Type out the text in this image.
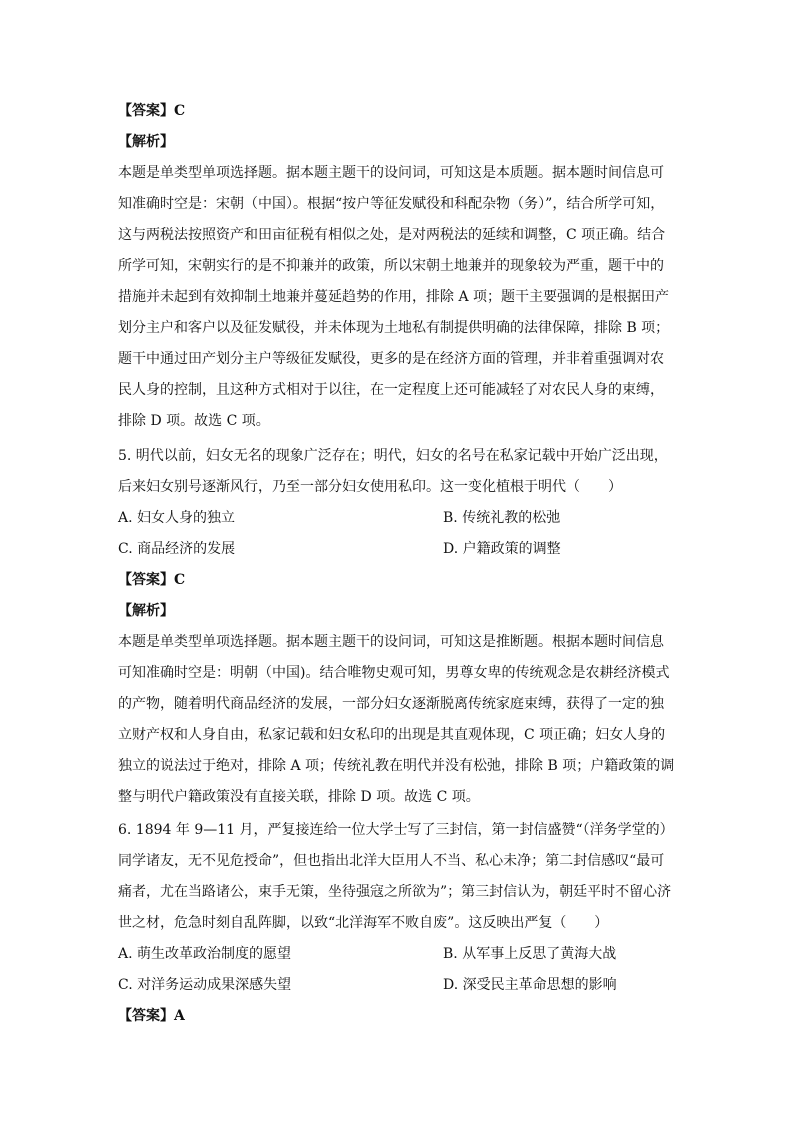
【答案】C
【解析】
本题是单类型单项选择题。据本题主题干的设问词，可知这是本质题。据本题时间信息可
知准确时空是：宋朝（中国）。根据“按户等征发赋役和科配杂物（务）”，结合所学可知，
这与两税法按照资产和田亩征税有相似之处，是对两税法的延续和调整，C 项正确。结合
所学可知，宋朝实行的是不抑兼并的政策，所以宋朝土地兼并的现象较为严重，题干中的
措施并未起到有效抑制土地兼并蔓延趋势的作用，排除 A 项；题干主要强调的是根据田产
划分主户和客户以及征发赋役，并未体现为土地私有制提供明确的法律保障，排除 B 项；
题干中通过田产划分主户等级征发赋役，更多的是在经济方面的管理，并非着重强调对农
民人身的控制，且这种方式相对于以往，在一定程度上还可能减轻了对农民人身的束缚，
排除 D 项。故选 C 项。
5. 明代以前，妇女无名的现象广泛存在；明代，妇女的名号在私家记载中开始广泛出现，
后来妇女别号逐渐风行，乃至一部分妇女使用私印。这一变化植根于明代（　　）
A. 妇女人身的独立	B. 传统礼教的松弛
C. 商品经济的发展	D. 户籍政策的调整
【答案】C
【解析】
本题是单类型单项选择题。据本题主题干的设问词，可知这是推断题。根据本题时间信息
可知准确时空是：明朝（中国)。结合唯物史观可知，男尊女卑的传统观念是农耕经济模式
的产物，随着明代商品经济的发展，一部分妇女逐渐脱离传统家庭束缚，获得了一定的独
立财产权和人身自由，私家记载和妇女私印的出现是其直观体现，C 项正确；妇女人身的
独立的说法过于绝对，排除 A 项；传统礼教在明代并没有松弛，排除 B 项；户籍政策的调
整与明代户籍政策没有直接关联，排除 D 项。故选 C 项。
6. 1894 年 9—11 月，严复接连给一位大学士写了三封信，第一封信盛赞“（洋务学堂的）
同学诸友，无不见危授命”，但也指出北洋大臣用人不当、私心未净；第二封信感叹“最可
痛者，尤在当路诸公，束手无策，坐待强寇之所欲为”；第三封信认为，朝廷平时不留心济
世之材，危急时刻自乱阵脚，以致“北洋海军不败自废”。这反映出严复（　　）
A. 萌生改革政治制度的愿望	B. 从军事上反思了黄海大战
C. 对洋务运动成果深感失望	D. 深受民主革命思想的影响
【答案】A
